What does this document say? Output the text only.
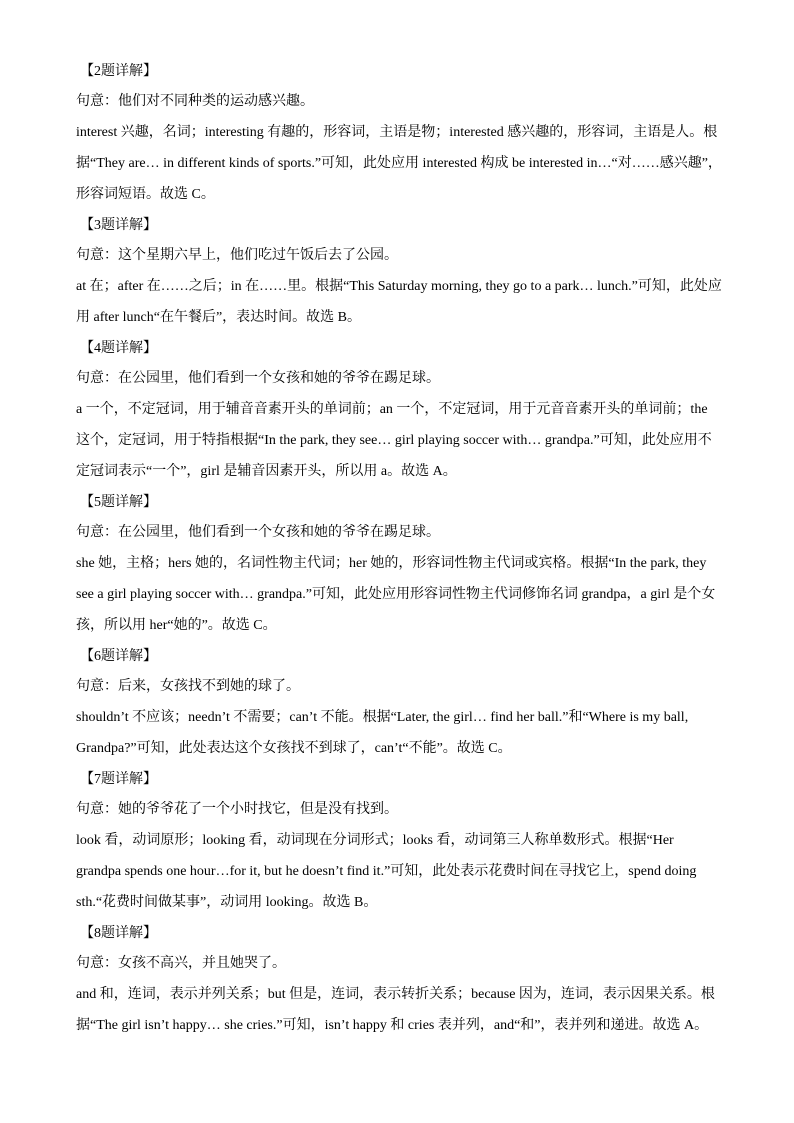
【2题详解】
句意：他们对不同种类的运动感兴趣。
interest 兴趣，名词；interesting 有趣的，形容词，主语是物；interested 感兴趣的，形容词，主语是人。根
据“They are… in different kinds of sports.”可知，此处应用 interested 构成 be interested in…“对……感兴趣”，
形容词短语。故选 C。
【3题详解】
句意：这个星期六早上，他们吃过午饭后去了公园。
at 在；after 在……之后；in 在……里。根据“This Saturday morning, they go to a park… lunch.”可知，此处应
用 after lunch“在午餐后”，表达时间。故选 B。
【4题详解】
句意：在公园里，他们看到一个女孩和她的爷爷在踢足球。
a 一个，不定冠词，用于辅音音素开头的单词前；an 一个，不定冠词，用于元音音素开头的单词前；the
这个，定冠词，用于特指根据“In the park, they see… girl playing soccer with… grandpa.”可知，此处应用不
定冠词表示“一个”，girl 是辅音因素开头，所以用 a。故选 A。
【5题详解】
句意：在公园里，他们看到一个女孩和她的爷爷在踢足球。
she 她，主格；hers 她的，名词性物主代词；her 她的，形容词性物主代词或宾格。根据“In the park, they
see a girl playing soccer with… grandpa.”可知，此处应用形容词性物主代词修饰名词 grandpa，a girl 是个女
孩，所以用 her“她的”。故选 C。
【6题详解】
句意：后来，女孩找不到她的球了。
shouldn’t 不应该；needn’t 不需要；can’t 不能。根据“Later, the girl… find her ball.”和“Where is my ball,
Grandpa?”可知，此处表达这个女孩找不到球了，can’t“不能”。故选 C。
【7题详解】
句意：她的爷爷花了一个小时找它，但是没有找到。
look 看，动词原形；looking 看，动词现在分词形式；looks 看，动词第三人称单数形式。根据“Her
grandpa spends one hour…for it, but he doesn’t find it.”可知，此处表示花费时间在寻找它上，spend doing
sth.“花费时间做某事”，动词用 looking。故选 B。
【8题详解】
句意：女孩不高兴，并且她哭了。
and 和，连词，表示并列关系；but 但是，连词，表示转折关系；because 因为，连词，表示因果关系。根
据“The girl isn’t happy… she cries.”可知，isn’t happy 和 cries 表并列，and“和”，表并列和递进。故选 A。
